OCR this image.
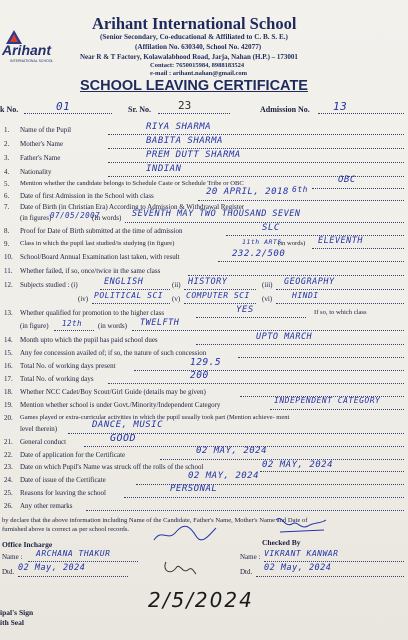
Arihant
INTERNATIONAL SCHOOL
Arihant International School
(Senior Secondary, Co-educational & Affiliated to C. B. S. E.)
(Affilation No. 630340, School No. 42077)
Near R & T Factory, Kolawalabhood Road, Jarja, Nahan (H.P.) – 173001
Contact: 7650015984, 8988183524
e-mail : arihant.nahan@gmail.com
SCHOOL LEAVING CERTIFICATE
k No.	01	Sr. No. 23	Admission No. 13
1. Name of the Pupil	RIYA SHARMA
2. Mother's Name	BABITA SHARMA
3. Father's Name	PREM DUTT SHARMA
4. Nationality	INDIAN
5. Mention whether the candidate belongs to Schedule Caste or Schedule Tribe or OBC	OBC
6. Date of first Admission in the School with class	20 APRIL, 2018 6th
7. Date of Birth (in Christian Era) According to Admission & Withdrawal Register
(in figures)
07/05/2007
(In words) SEVENTH MAY TWO THOUSAND SEVEN
8. Proof for Date of Birth submitted at the time of admission	SLC
9. Class in which the pupil last studied/is studying (in figure)	11th ARTS
(in words) ELEVENTH
10. School/Board Annual Examination last taken, with result	232.2/500
11. Whether failed, if so, once/twice in the same class
12. Subjects studied : (i)	ENGLISH	(ii) HISTORY	(iii) GEOGRAPHY
(iv) POLITICAL SCI (v) COMPUTER SCI (vi) HINDI
13. Whether qualified for promotion to the higher class	YES	If so, to which class
(in figure) 12th (in words) TWELFTH
14. Month upto which the pupil has paid school dues	UPTO MARCH
15. Any fee concession availed of; if so, the nature of such concession
16. Total No. of working days present	129.5
17. Total No. of working days	200
18. Whether NCC Cadet/Boy Scout/Girl Guide (details may be given)
19. Mention whether school is under Govt./Minority/Independent Category	INDEPENDENT CATEGORY
20. Games played or extra-curricular activities in which the pupil usually took part (Mention achieve- ment
level therein)	DANCE, MUSIC
21. General conduct	GOOD
22. Date of application for the Certificate	02 MAY, 2024
23. Date on which Pupil's Name was struck off the rolls of the school	02 MAY, 2024
24. Date of issue of the Certificate	02 MAY, 2024
25. Reasons for leaving the school	PERSONAL
26. Any other remarks
by declare that the above information including Name of the Candidate, Father's Name, Mother's Name and Date of
furnished above is correct as per school records.
Office Incharge
Name : ARCHANA THAKUR
Dtd. 02 May, 2024
Checked By
Name : VIKRANT KANWAR
Dtd. 02 May, 2024
ipal's Sign
ith Seal
2/5/2024
